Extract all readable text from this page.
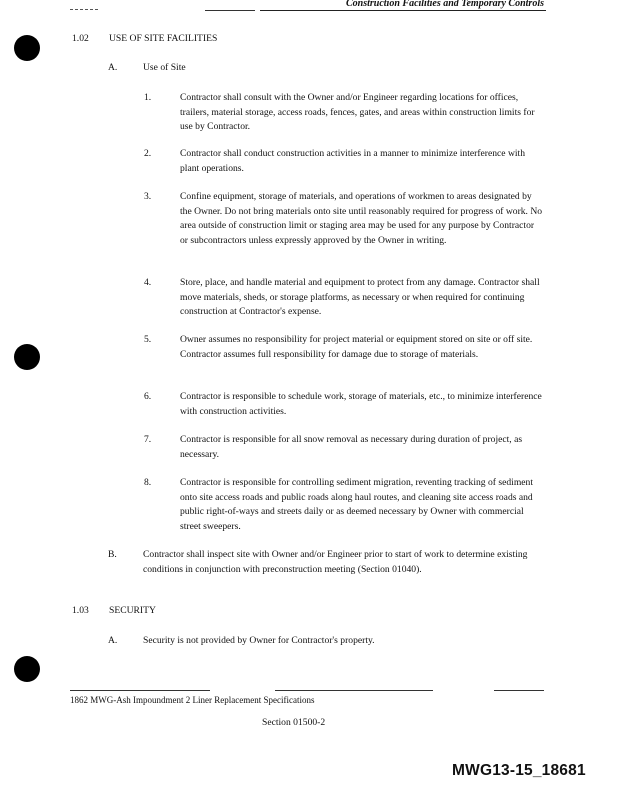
Construction Facilities and Temporary Controls
1.02 USE OF SITE FACILITIES
A.	Use of Site
1.	Contractor shall consult with the Owner and/or Engineer regarding locations for offices, trailers, material storage, access roads, fences, gates, and areas within construction limits for use by Contractor.
2.	Contractor shall conduct construction activities in a manner to minimize interference with plant operations.
3.	Confine equipment, storage of materials, and operations of workmen to areas designated by the Owner. Do not bring materials onto site until reasonably required for progress of work. No area outside of construction limit or staging area may be used for any purpose by Contractor or subcontractors unless expressly approved by the Owner in writing.
4.	Store, place, and handle material and equipment to protect from any damage. Contractor shall move materials, sheds, or storage platforms, as necessary or when required for continuing construction at Contractor's expense.
5.	Owner assumes no responsibility for project material or equipment stored on site or off site. Contractor assumes full responsibility for damage due to storage of materials.
6.	Contractor is responsible to schedule work, storage of materials, etc., to minimize interference with construction activities.
7.	Contractor is responsible for all snow removal as necessary during duration of project, as necessary.
8.	Contractor is responsible for controlling sediment migration, reventing tracking of sediment onto site access roads and public roads along haul routes, and cleaning site access roads and public right-of-ways and streets daily or as deemed necessary by Owner with commercial street sweepers.
B.	Contractor shall inspect site with Owner and/or Engineer prior to start of work to determine existing conditions in conjunction with preconstruction meeting (Section 01040).
1.03 SECURITY
A.	Security is not provided by Owner for Contractor's property.
1862 MWG-Ash Impoundment 2 Liner Replacement Specifications
Section 01500-2
MWG13-15_18681
